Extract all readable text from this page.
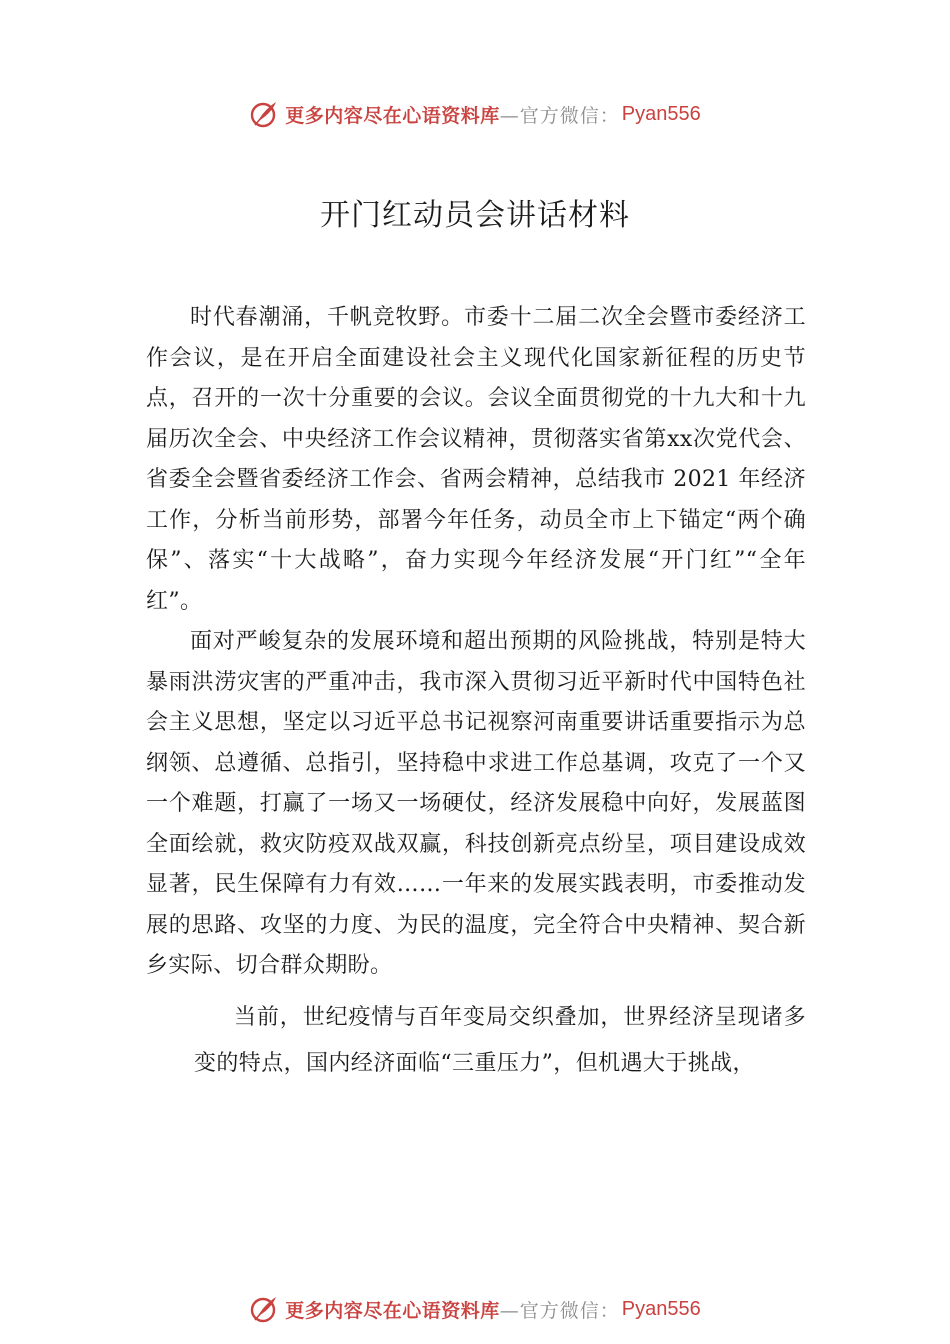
更多内容尽在心语资料库 —官方微信： Pyan556
开门红动员会讲话材料

时代春潮涌，千帆竞牧野。市委十二届二次全会暨市委经济工作会议，是在开启全面建设社会主义现代化国家新征程的历史节点，召开的一次十分重要的会议。会议全面贯彻党的十九大和十九届历次全会、中央经济工作会议精神，贯彻落实省第xx次党代会、省委全会暨省委经济工作会、省两会精神，总结我市 2021 年经济工作，分析当前形势，部署今年任务，动员全市上下锚定“两个确保”、落实“十大战略”，奋力实现今年经济发展“开门红”“全年红”。

面对严峻复杂的发展环境和超出预期的风险挑战，特别是特大暴雨洪涝灾害的严重冲击，我市深入贯彻习近平新时代中国特色社会主义思想，坚定以习近平总书记视察河南重要讲话重要指示为总纲领、总遵循、总指引，坚持稳中求进工作总基调，攻克了一个又一个难题，打赢了一场又一场硬仗，经济发展稳中向好，发展蓝图全面绘就，救灾防疫双战双赢，科技创新亮点纷呈，项目建设成效显著，民生保障有力有效……一年来的发展实践表明，市委推动发展的思路、攻坚的力度、为民的温度，完全符合中央精神、契合新乡实际、切合群众期盼。

当前，世纪疫情与百年变局交织叠加，世界经济呈现诸多变的特点，国内经济面临“三重压力”，但机遇大于挑战，

更多内容尽在心语资料库 —官方微信： Pyan556
